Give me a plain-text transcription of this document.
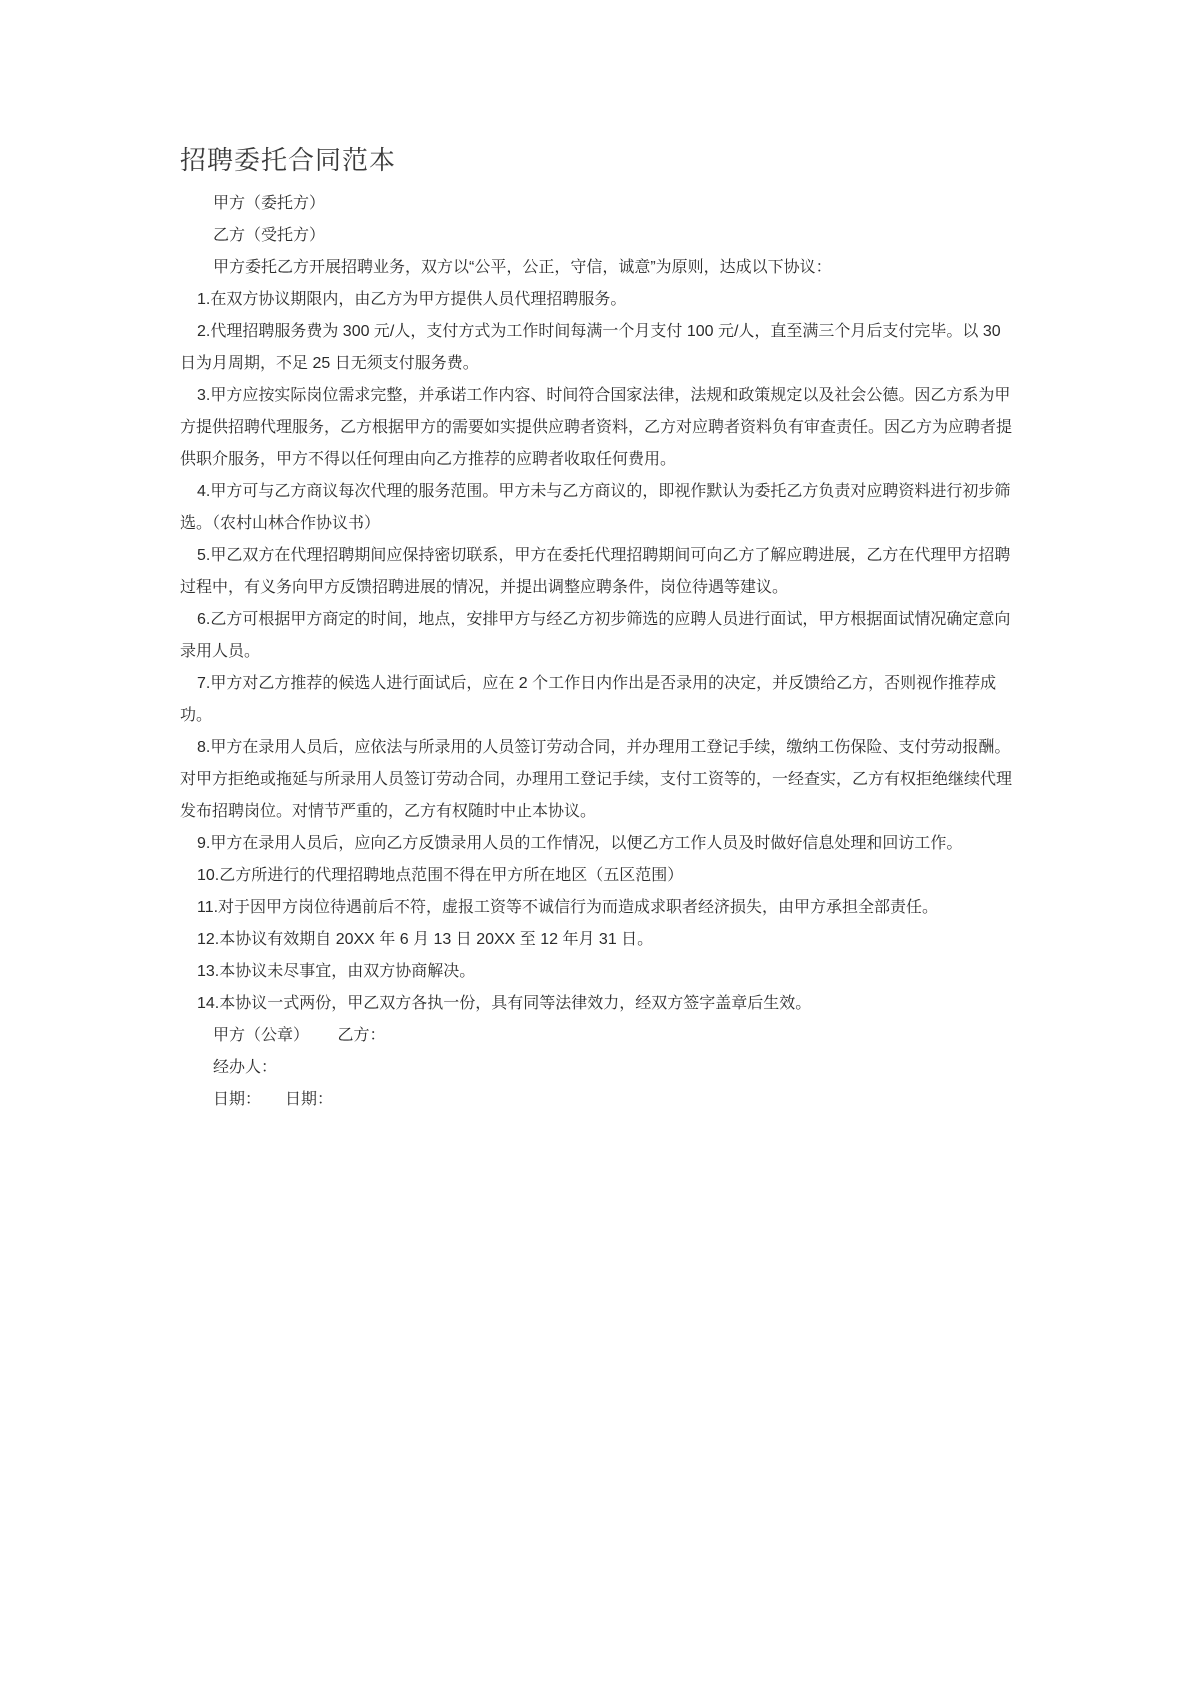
招聘委托合同范本

甲方（委托方）

乙方（受托方）

甲方委托乙方开展招聘业务，双方以“公平，公正，守信，诚意”为原则，达成以下协议：

1.在双方协议期限内，由乙方为甲方提供人员代理招聘服务。

2.代理招聘服务费为 300 元/人，支付方式为工作时间每满一个月支付 100 元/人，直至满三个月后支付完毕。以 30 日为月周期，不足 25 日无须支付服务费。

3.甲方应按实际岗位需求完整，并承诺工作内容、时间符合国家法律，法规和政策规定以及社会公德。因乙方系为甲方提供招聘代理服务，乙方根据甲方的需要如实提供应聘者资料，乙方对应聘者资料负有审查责任。因乙方为应聘者提供职介服务，甲方不得以任何理由向乙方推荐的应聘者收取任何费用。

4.甲方可与乙方商议每次代理的服务范围。甲方未与乙方商议的，即视作默认为委托乙方负责对应聘资料进行初步筛选。（农村山林合作协议书）

5.甲乙双方在代理招聘期间应保持密切联系，甲方在委托代理招聘期间可向乙方了解应聘进展，乙方在代理甲方招聘过程中，有义务向甲方反馈招聘进展的情况，并提出调整应聘条件，岗位待遇等建议。

6.乙方可根据甲方商定的时间，地点，安排甲方与经乙方初步筛选的应聘人员进行面试，甲方根据面试情况确定意向录用人员。

7.甲方对乙方推荐的候选人进行面试后，应在 2 个工作日内作出是否录用的决定，并反馈给乙方，否则视作推荐成功。

8.甲方在录用人员后，应依法与所录用的人员签订劳动合同，并办理用工登记手续，缴纳工伤保险、支付劳动报酬。对甲方拒绝或拖延与所录用人员签订劳动合同，办理用工登记手续，支付工资等的，一经查实，乙方有权拒绝继续代理发布招聘岗位。对情节严重的，乙方有权随时中止本协议。

9.甲方在录用人员后，应向乙方反馈录用人员的工作情况，以便乙方工作人员及时做好信息处理和回访工作。

10.乙方所进行的代理招聘地点范围不得在甲方所在地区（五区范围）

11.对于因甲方岗位待遇前后不符，虚报工资等不诚信行为而造成求职者经济损失，由甲方承担全部责任。

12.本协议有效期自 20XX 年 6 月 13 日 20XX 至 12 年月 31 日。

13.本协议未尽事宜，由双方协商解决。

14.本协议一式两份，甲乙双方各执一份，具有同等法律效力，经双方签字盖章后生效。

甲方（公章）　　 乙方：

经办人：

日期：　　日期：
